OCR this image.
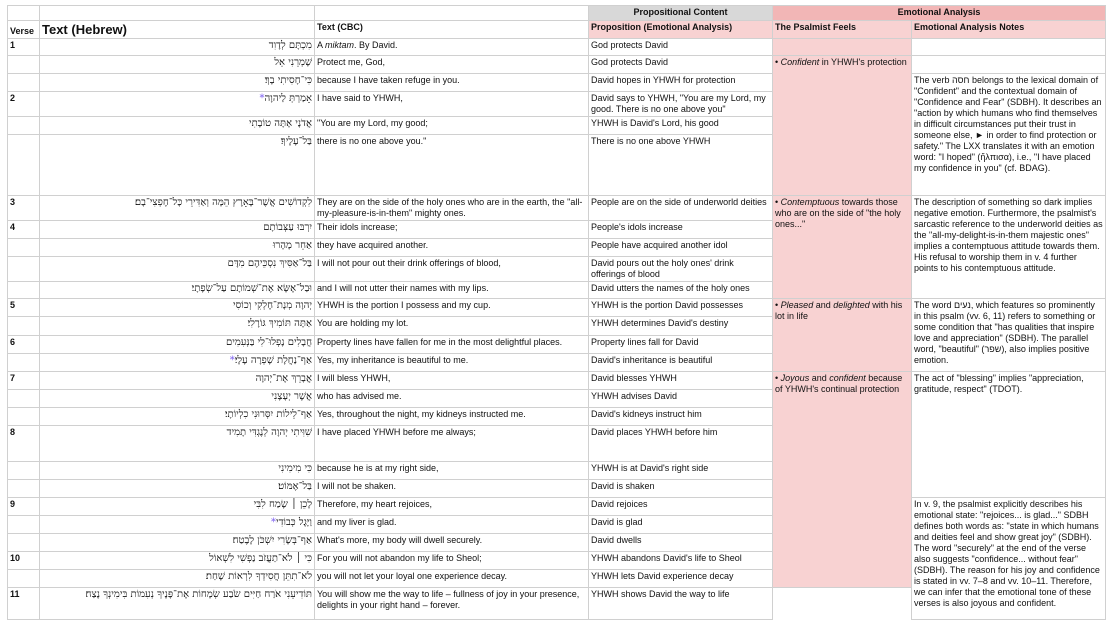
			Propositional Content	Emotional Analysis	
Verse	Text (Hebrew)	Text (CBC)	Proposition (Emotional Analysis)	The Psalmist Feels	Emotional Analysis Notes
1	מִכְתָּם לְדָוִד	A miktam. By David.	God protects David		
	שָׁמְרֵנִי אֵל	Protect me, God,	God protects David	• Confident in YHWH's protection	
	כִּי־חָסִיתִי בָךְ׃	because I have taken refuge in you.	David hopes in YHWH for protection		The verb חסה belongs to the lexical domain of "Confident" and the contextual domain of "Confidence and Fear" (SDBH). It describes an "action by which humans who find themselves in difficult circumstances put their trust in someone else, ► in order to find protection or safety." The LXX translates it with an emotion word: "I hoped" (ἤλπισα), i.e., "I have placed my confidence in you" (cf. BDAG).
2	אָמַרְתְּ לַיהוָה*	I have said to YHWH,	David says to YHWH, "You are my Lord, my good. There is no one above you"		
	אֲדֹנָי אָתָּה טוֹבָתִי	"You are my Lord, my good;	YHWH is David's Lord, his good		
	בַּל־עָלֶיךָ׃	there is no one above you."	There is no one above YHWH		
3	לִקְדוֹשִׁים אֲשֶׁר־בָּאָרֶץ הֵמָּה וְאַדִּירֵי כָּל־חֶפְצִי־בָם׃	They are on the side of the holy ones who are in the earth, the "all-my-pleasure-is-in-them" mighty ones.	People are on the side of underworld deities	• Contemptuous towards those who are on the side of "the holy ones..."	The description of something so dark implies negative emotion. Furthermore, the psalmist's sarcastic reference to the underworld deities as the "all-my-delight-is-in-them majestic ones" implies a contemptuous attitude towards them. His refusal to worship them in v. 4 further points to his contemptuous attitude.
4	יִרְבּוּ עַצְּבוֹתָם	Their idols increase;	People's idols increase		
	אַחֵר מָהָרוּ	they have acquired another.	People have acquired another idol		
	בַּל־אַסִּיךְ נִסְכֵּיהֶם מִדָּם	I will not pour out their drink offerings of blood,	David pours out the holy ones' drink offerings of blood		
	וּבַל־אֶשָּׂא אֶת־שְׁמוֹתָם עַל־שְׂפָתָי׃	and I will not utter their names with my lips.	David utters the names of the holy ones		
5	יְהוָה מְנָת־חֶלְקִי וְכוֹסִי	YHWH is the portion I possess and my cup.	YHWH is the portion David possesses	• Pleased and delighted with his lot in life	The word נעים, which features so prominently in this psalm (vv. 6, 11) refers to something or some condition that "has qualities that inspire love and appreciation" (SDBH). The parallel word, "beautiful" (שפר), also implies positive emotion.
	אַתָּה תּוֹמִיךְ גּוֹרָלִי׃	You are holding my lot.	YHWH determines David's destiny		
6	חֲבָלִים נָפְלוּ־לִי בַּנְּעִמִים	Property lines have fallen for me in the most delightful places.	Property lines fall for David		
	אַף־נַחֲלָת שָׁפְרָה עָלָי׃*	Yes, my inheritance is beautiful to me.	David's inheritance is beautiful		
7	אֲבָרֵךְ אֶת־יְהוָה	I will bless YHWH,	David blesses YHWH	• Joyous and confident because of YHWH's continual protection	The act of "blessing" implies "appreciation, gratitude, respect" (TDOT).
	אֲשֶׁר יְעָצָנִי	who has advised me.	YHWH advises David		
	אַף־לֵילוֹת יִסְּרוּנִי כִלְיוֹתָי׃	Yes, throughout the night, my kidneys instructed me.	David's kidneys instruct him		
8	שִׁוִּיתִי יְהוָה לְנֶגְדִּי תָמִיד	I have placed YHWH before me always;	David places YHWH before him		
	כִּי מִימִינִי	because he is at my right side,	YHWH is at David's right side		
	בַּל־אֶמּוֹט׃	I will not be shaken.	David is shaken		
9	לָכֵן ׀ שָׂמַח לִבִּי	Therefore, my heart rejoices,	David rejoices		In v. 9, the psalmist explicitly describes his emotional state: "rejoices... is glad..." SDBH defines both words as: "state in which humans and deities feel and show great joy" (SDBH). The word "securely" at the end of the verse also suggests "confidence... without fear" (SDBH). The reason for his joy and confidence is stated in vv. 7–8 and vv. 10–11. Therefore, we can infer that the emotional tone of these verses is also joyous and confident.
	וַיָּגֶל כְּבוֹדִי*	and my liver is glad.	David is glad		
	אַף־בְּשָׂרִי יִשְׁכֹּן לָבֶטַח׃	What's more, my body will dwell securely.	David dwells		
10	כִּי ׀ לֹא־תַעֲזֹב נַפְשִׁי לִשְׁאוֹל	For you will not abandon my life to Sheol;	YHWH abandons David's life to Sheol		
	לֹא־תִתֵּן חֲסִידְךָ לִרְאוֹת שָׁחַת׃	you will not let your loyal one experience decay.	YHWH lets David experience decay		
11	תּוֹדִיעֵנִי אֹרַח חַיִּים שֹׂבַע שְׂמָחוֹת אֶת־פָּנֶיךָ נְעִמוֹת בִּימִינְךָ נֶצַח׃	You will show me the way to life – fullness of joy in your presence, delights in your right hand – forever.	YHWH shows David the way to life		
